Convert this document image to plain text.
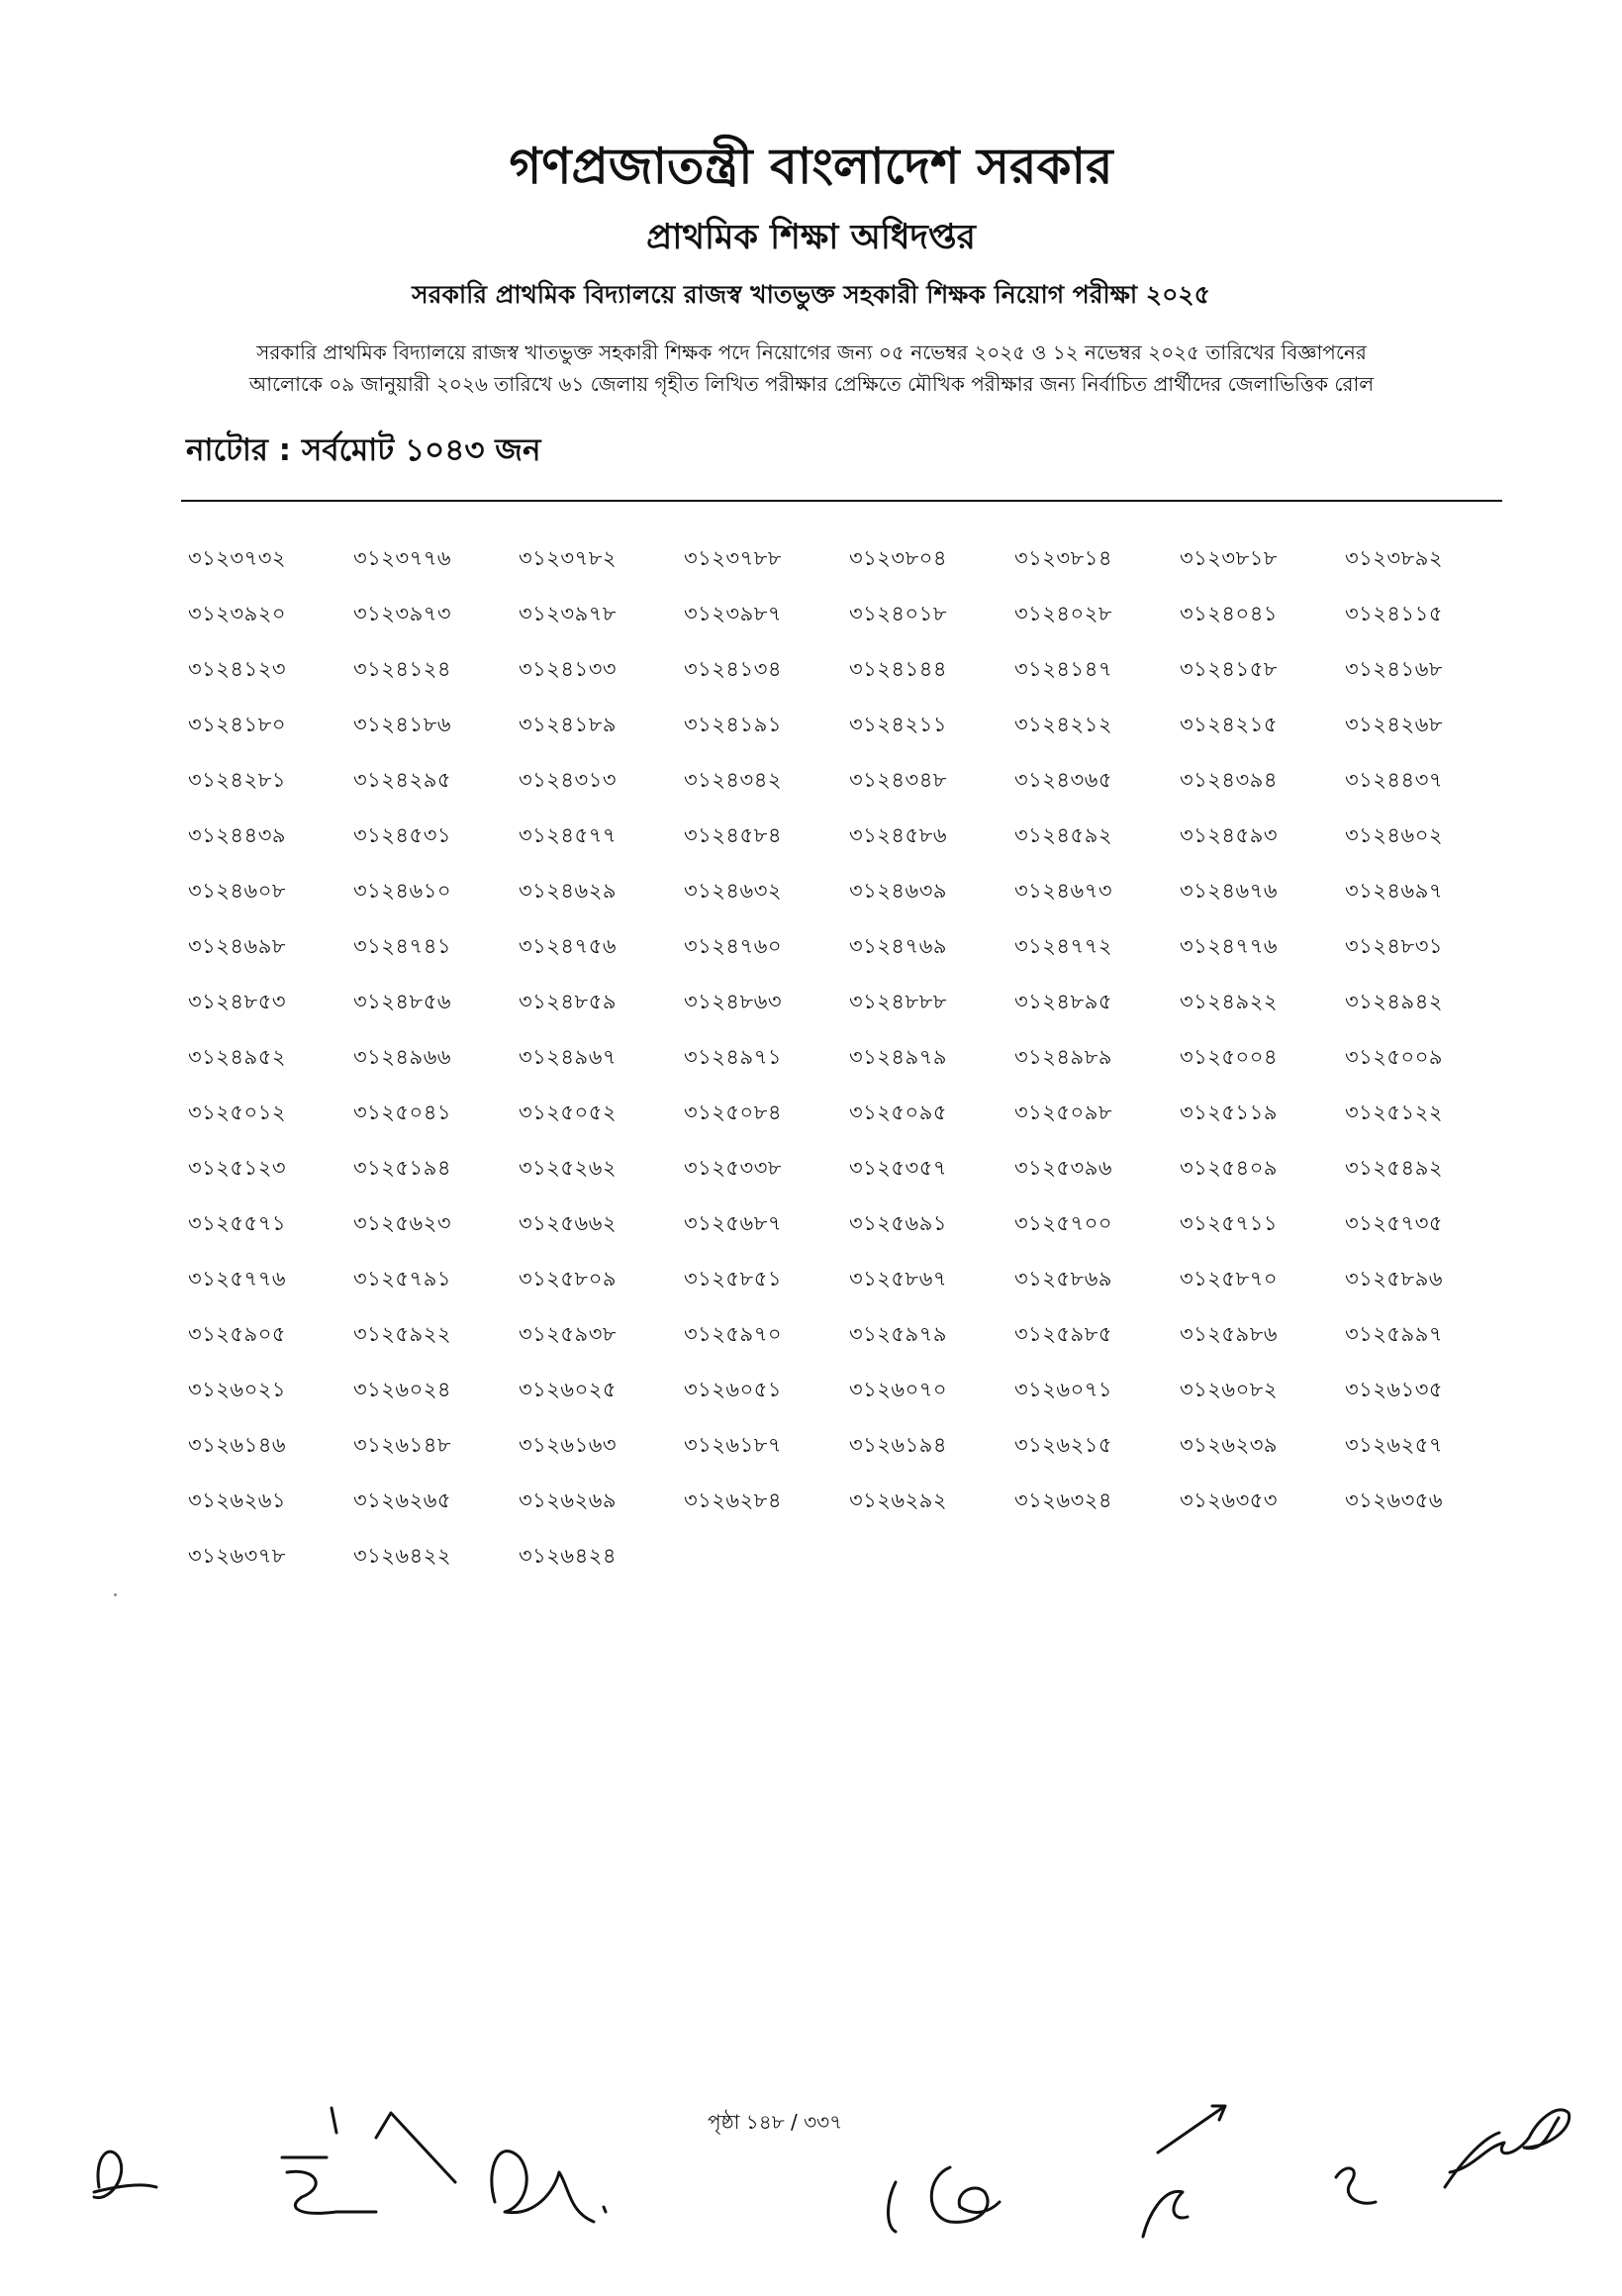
গণপ্রজাতন্ত্রী বাংলাদেশ সরকার
প্রাথমিক শিক্ষা অধিদপ্তর
সরকারি প্রাথমিক বিদ্যালয়ে রাজস্ব খাতভুক্ত সহকারী শিক্ষক নিয়োগ পরীক্ষা ২০২৫
সরকারি প্রাথমিক বিদ্যালয়ে রাজস্ব খাতভুক্ত সহকারী শিক্ষক পদে নিয়োগের জন্য ০৫ নভেম্বর ২০২৫ ও ১২ নভেম্বর ২০২৫ তারিখের বিজ্ঞাপনের
আলোকে ০৯ জানুয়ারী ২০২৬ তারিখে ৬১ জেলায় গৃহীত লিখিত পরীক্ষার প্রেক্ষিতে মৌখিক পরীক্ষার জন্য নির্বাচিত প্রার্থীদের জেলাভিত্তিক রোল
নাটোর : সর্বমোট ১০৪৩ জন
৩১২৩৭৩২	৩১২৩৭৭৬	৩১২৩৭৮২	৩১২৩৭৮৮	৩১২৩৮০৪	৩১২৩৮১৪	৩১২৩৮১৮	৩১২৩৮৯২
৩১২৩৯২০	৩১২৩৯৭৩	৩১২৩৯৭৮	৩১২৩৯৮৭	৩১২৪০১৮	৩১২৪০২৮	৩১২৪০৪১	৩১২৪১১৫
৩১২৪১২৩	৩১২৪১২৪	৩১২৪১৩৩	৩১২৪১৩৪	৩১২৪১৪৪	৩১২৪১৪৭	৩১২৪১৫৮	৩১২৪১৬৮
৩১২৪১৮০	৩১২৪১৮৬	৩১২৪১৮৯	৩১২৪১৯১	৩১২৪২১১	৩১২৪২১২	৩১২৪২১৫	৩১২৪২৬৮
৩১২৪২৮১	৩১২৪২৯৫	৩১২৪৩১৩	৩১২৪৩৪২	৩১২৪৩৪৮	৩১২৪৩৬৫	৩১২৪৩৯৪	৩১২৪৪৩৭
৩১২৪৪৩৯	৩১২৪৫৩১	৩১২৪৫৭৭	৩১২৪৫৮৪	৩১২৪৫৮৬	৩১২৪৫৯২	৩১২৪৫৯৩	৩১২৪৬০২
৩১২৪৬০৮	৩১২৪৬১০	৩১২৪৬২৯	৩১২৪৬৩২	৩১২৪৬৩৯	৩১২৪৬৭৩	৩১২৪৬৭৬	৩১২৪৬৯৭
৩১২৪৬৯৮	৩১২৪৭৪১	৩১২৪৭৫৬	৩১২৪৭৬০	৩১২৪৭৬৯	৩১২৪৭৭২	৩১২৪৭৭৬	৩১২৪৮৩১
৩১২৪৮৫৩	৩১২৪৮৫৬	৩১২৪৮৫৯	৩১২৪৮৬৩	৩১২৪৮৮৮	৩১২৪৮৯৫	৩১২৪৯২২	৩১২৪৯৪২
৩১২৪৯৫২	৩১২৪৯৬৬	৩১২৪৯৬৭	৩১২৪৯৭১	৩১২৪৯৭৯	৩১২৪৯৮৯	৩১২৫০০৪	৩১২৫০০৯
৩১২৫০১২	৩১২৫০৪১	৩১২৫০৫২	৩১২৫০৮৪	৩১২৫০৯৫	৩১২৫০৯৮	৩১২৫১১৯	৩১২৫১২২
৩১২৫১২৩	৩১২৫১৯৪	৩১২৫২৬২	৩১২৫৩৩৮	৩১২৫৩৫৭	৩১২৫৩৯৬	৩১২৫৪০৯	৩১২৫৪৯২
৩১২৫৫৭১	৩১২৫৬২৩	৩১২৫৬৬২	৩১২৫৬৮৭	৩১২৫৬৯১	৩১২৫৭০০	৩১২৫৭১১	৩১২৫৭৩৫
৩১২৫৭৭৬	৩১২৫৭৯১	৩১২৫৮০৯	৩১২৫৮৫১	৩১২৫৮৬৭	৩১২৫৮৬৯	৩১২৫৮৭০	৩১২৫৮৯৬
৩১২৫৯০৫	৩১২৫৯২২	৩১২৫৯৩৮	৩১২৫৯৭০	৩১২৫৯৭৯	৩১২৫৯৮৫	৩১২৫৯৮৬	৩১২৫৯৯৭
৩১২৬০২১	৩১২৬০২৪	৩১২৬০২৫	৩১২৬০৫১	৩১২৬০৭০	৩১২৬০৭১	৩১২৬০৮২	৩১২৬১৩৫
৩১২৬১৪৬	৩১২৬১৪৮	৩১২৬১৬৩	৩১২৬১৮৭	৩১২৬১৯৪	৩১২৬২১৫	৩১২৬২৩৯	৩১২৬২৫৭
৩১২৬২৬১	৩১২৬২৬৫	৩১২৬২৬৯	৩১২৬২৮৪	৩১২৬২৯২	৩১২৬৩২৪	৩১২৬৩৫৩	৩১২৬৩৫৬
৩১২৬৩৭৮	৩১২৬৪২২	৩১২৬৪২৪
পৃষ্ঠা ১৪৮ / ৩৩৭
